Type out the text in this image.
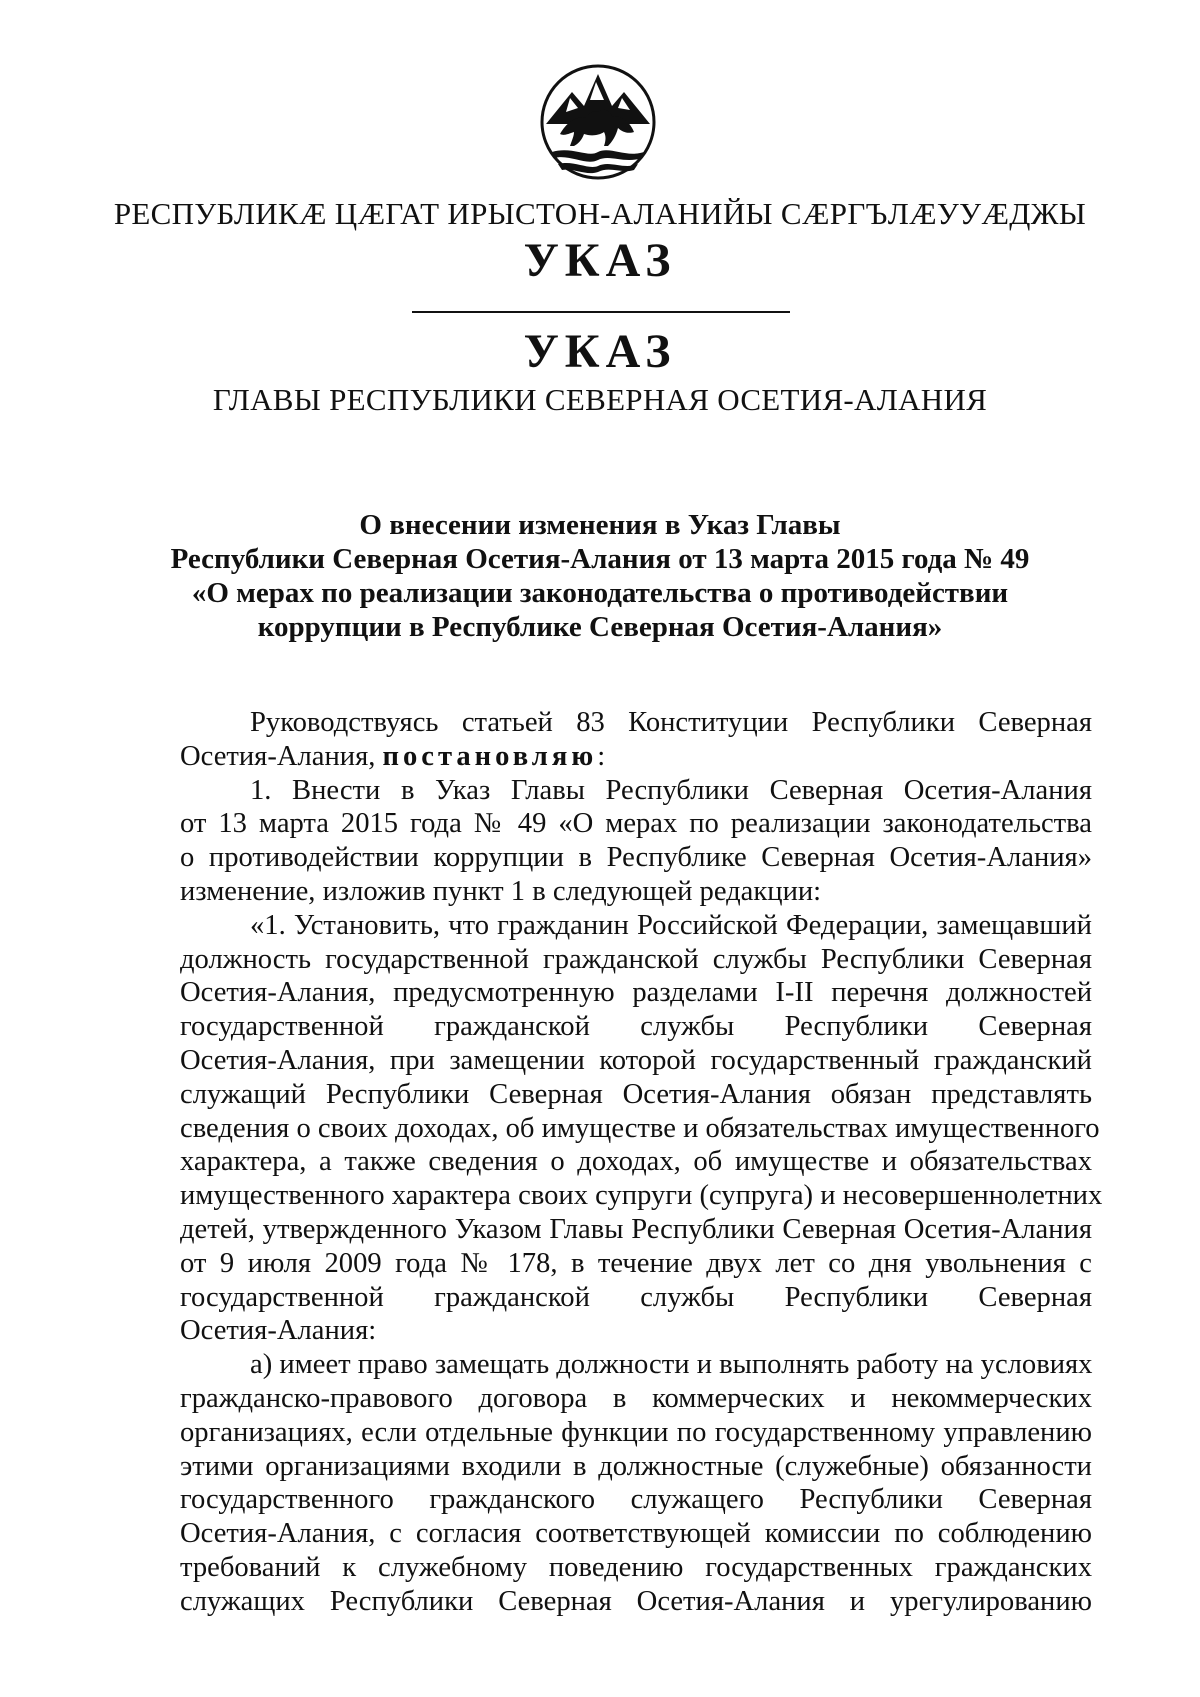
РЕСПУБЛИКӔ ЦӔГАТ ИРЫСТОН-АЛАНИЙЫ СӔРГЪЛӔУУӔДЖЫ
УКАЗ
УКАЗ
ГЛАВЫ РЕСПУБЛИКИ СЕВЕРНАЯ ОСЕТИЯ-АЛАНИЯ
О внесении изменения в Указ Главы
Республики Северная Осетия-Алания от 13 марта 2015 года № 49
«О мерах по реализации законодательства о противодействии
коррупции в Республике Северная Осетия-Алания»
Руководствуясь статьей 83 Конституции Республики Северная
Осетия-Алания, постановляю:
1. Внести в Указ Главы Республики Северная Осетия-Алания
от 13 марта 2015 года № 49 «О мерах по реализации законодательства
о противодействии коррупции в Республике Северная Осетия-Алания»
изменение, изложив пункт 1 в следующей редакции:
«1. Установить, что гражданин Российской Федерации, замещавший
должность государственной гражданской службы Республики Северная
Осетия-Алания, предусмотренную разделами I-II перечня должностей
государственной гражданской службы Республики Северная
Осетия-Алания, при замещении которой государственный гражданский
служащий Республики Северная Осетия-Алания обязан представлять
сведения о своих доходах, об имуществе и обязательствах имущественного
характера, а также сведения о доходах, об имуществе и обязательствах
имущественного характера своих супруги (супруга) и несовершеннолетних
детей, утвержденного Указом Главы Республики Северная Осетия-Алания
от 9 июля 2009 года № 178, в течение двух лет со дня увольнения с
государственной гражданской службы Республики Северная
Осетия-Алания:
а) имеет право замещать должности и выполнять работу на условиях
гражданско-правового договора в коммерческих и некоммерческих
организациях, если отдельные функции по государственному управлению
этими организациями входили в должностные (служебные) обязанности
государственного гражданского служащего Республики Северная
Осетия-Алания, с согласия соответствующей комиссии по соблюдению
требований к служебному поведению государственных гражданских
служащих Республики Северная Осетия-Алания и урегулированию
